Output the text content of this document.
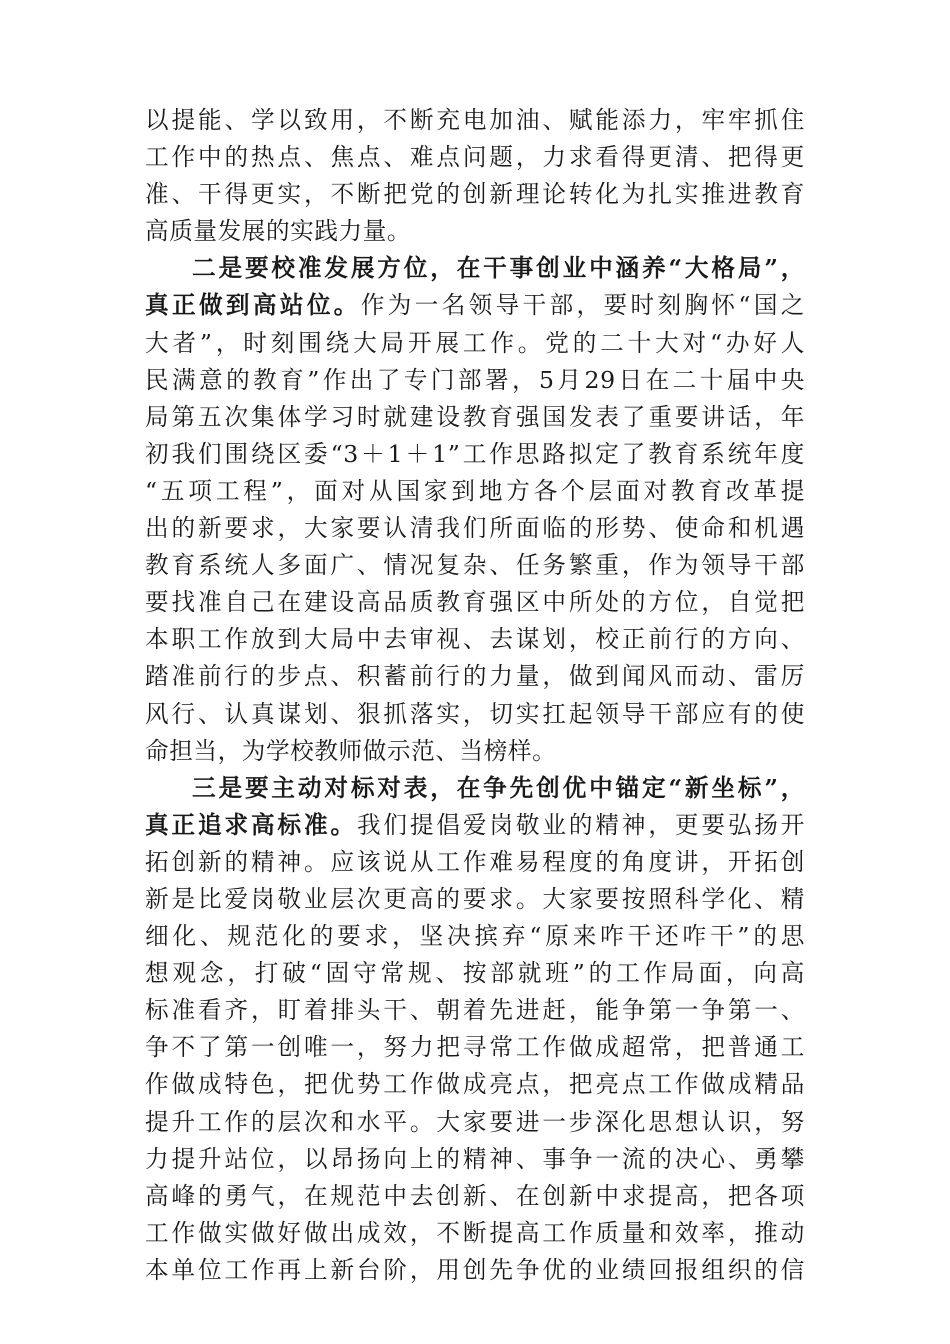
以提能、学以致用，不断充电加油、赋能添力，牢牢抓住
工作中的热点、焦点、难点问题，力求看得更清、把得更
准、干得更实，不断把党的创新理论转化为扎实推进教育
高质量发展的实践力量。
二是要校准发展方位，在干事创业中涵养“大格局”，
真正做到高站位。作为一名领导干部，要时刻胸怀“国之
大者”，时刻围绕大局开展工作。党的二十大对“办好人
民满意的教育”作出了专门部署，5月29日在二十届中央
局第五次集体学习时就建设教育强国发表了重要讲话，年
初我们围绕区委“3＋1＋1”工作思路拟定了教育系统年度
“五项工程”，面对从国家到地方各个层面对教育改革提
出的新要求，大家要认清我们所面临的形势、使命和机遇
教育系统人多面广、情况复杂、任务繁重，作为领导干部
要找准自己在建设高品质教育强区中所处的方位，自觉把
本职工作放到大局中去审视、去谋划，校正前行的方向、
踏准前行的步点、积蓄前行的力量，做到闻风而动、雷厉
风行、认真谋划、狠抓落实，切实扛起领导干部应有的使
命担当，为学校教师做示范、当榜样。
三是要主动对标对表，在争先创优中锚定“新坐标”，
真正追求高标准。我们提倡爱岗敬业的精神，更要弘扬开
拓创新的精神。应该说从工作难易程度的角度讲，开拓创
新是比爱岗敬业层次更高的要求。大家要按照科学化、精
细化、规范化的要求，坚决摈弃“原来咋干还咋干”的思
想观念，打破“固守常规、按部就班”的工作局面，向高
标准看齐，盯着排头干、朝着先进赶，能争第一争第一、
争不了第一创唯一，努力把寻常工作做成超常，把普通工
作做成特色，把优势工作做成亮点，把亮点工作做成精品
提升工作的层次和水平。大家要进一步深化思想认识，努
力提升站位，以昂扬向上的精神、事争一流的决心、勇攀
高峰的勇气，在规范中去创新、在创新中求提高，把各项
工作做实做好做出成效，不断提高工作质量和效率，推动
本单位工作再上新台阶，用创先争优的业绩回报组织的信
